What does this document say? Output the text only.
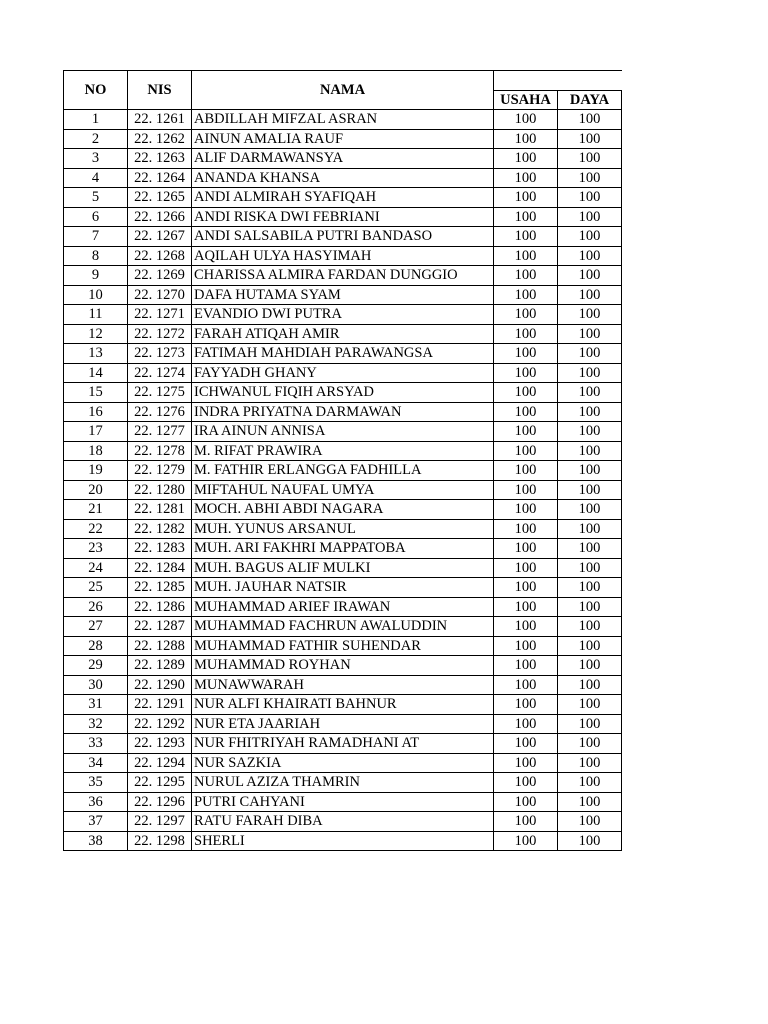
NO	NIS	NAMA		
			USAHA	DAYA
1	22. 1261	ABDILLAH MIFZAL ASRAN	100	100
2	22. 1262	AINUN AMALIA RAUF	100	100
3	22. 1263	ALIF DARMAWANSYA	100	100
4	22. 1264	ANANDA KHANSA	100	100
5	22. 1265	ANDI ALMIRAH SYAFIQAH	100	100
6	22. 1266	ANDI RISKA DWI FEBRIANI	100	100
7	22. 1267	ANDI SALSABILA PUTRI BANDASO	100	100
8	22. 1268	AQILAH ULYA HASYIMAH	100	100
9	22. 1269	CHARISSA ALMIRA FARDAN DUNGGIO	100	100
10	22. 1270	DAFA HUTAMA SYAM	100	100
11	22. 1271	EVANDIO DWI PUTRA	100	100
12	22. 1272	FARAH ATIQAH AMIR	100	100
13	22. 1273	FATIMAH MAHDIAH PARAWANGSA	100	100
14	22. 1274	FAYYADH GHANY	100	100
15	22. 1275	ICHWANUL FIQIH ARSYAD	100	100
16	22. 1276	INDRA PRIYATNA DARMAWAN	100	100
17	22. 1277	IRA AINUN ANNISA	100	100
18	22. 1278	M. RIFAT PRAWIRA	100	100
19	22. 1279	M. FATHIR ERLANGGA FADHILLA	100	100
20	22. 1280	MIFTAHUL NAUFAL UMYA	100	100
21	22. 1281	MOCH. ABHI ABDI NAGARA	100	100
22	22. 1282	MUH. YUNUS ARSANUL	100	100
23	22. 1283	MUH. ARI FAKHRI MAPPATOBA	100	100
24	22. 1284	MUH. BAGUS ALIF MULKI	100	100
25	22. 1285	MUH. JAUHAR NATSIR	100	100
26	22. 1286	MUHAMMAD ARIEF IRAWAN	100	100
27	22. 1287	MUHAMMAD FACHRUN AWALUDDIN	100	100
28	22. 1288	MUHAMMAD FATHIR SUHENDAR	100	100
29	22. 1289	MUHAMMAD ROYHAN	100	100
30	22. 1290	MUNAWWARAH	100	100
31	22. 1291	NUR ALFI KHAIRATI BAHNUR	100	100
32	22. 1292	NUR ETA JAARIAH	100	100
33	22. 1293	NUR FHITRIYAH RAMADHANI AT	100	100
34	22. 1294	NUR SAZKIA	100	100
35	22. 1295	NURUL AZIZA THAMRIN	100	100
36	22. 1296	PUTRI CAHYANI	100	100
37	22. 1297	RATU FARAH DIBA	100	100
38	22. 1298	SHERLI	100	100
